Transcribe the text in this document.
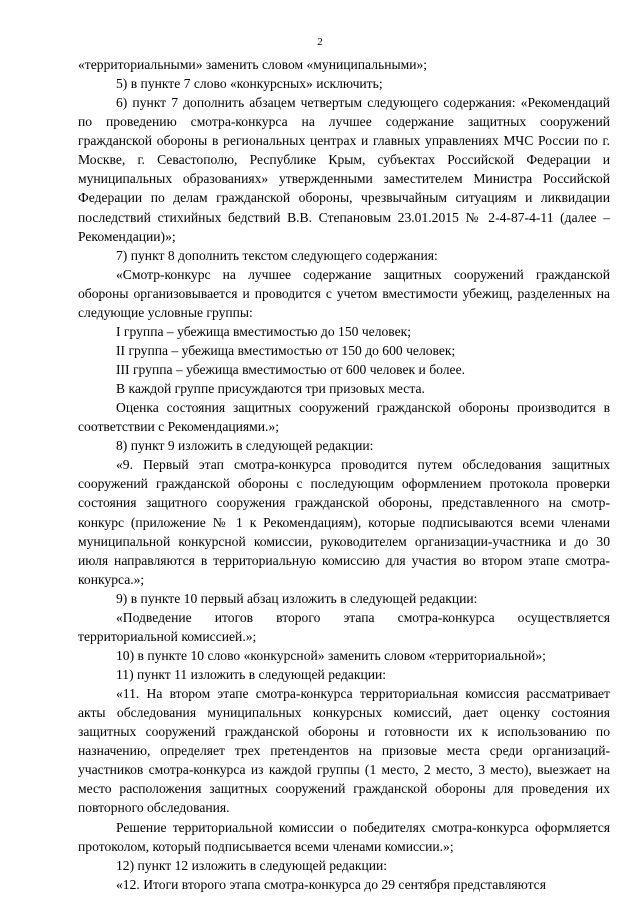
2

«территориальными» заменить словом «муниципальными»;

5) в пункте 7 слово «конкурсных» исключить;

6) пункт 7 дополнить абзацем четвертым следующего содержания: «Рекомендаций по проведению смотра-конкурса на лучшее содержание защитных сооружений гражданской обороны в региональных центрах и главных управлениях МЧС России по г. Москве, г. Севастополю, Республике Крым, субъектах Российской Федерации и муниципальных образованиях» утвержденными заместителем Министра Российской Федерации по делам гражданской обороны, чрезвычайным ситуациям и ликвидации последствий стихийных бедствий В.В. Степановым 23.01.2015 № 2-4-87-4-11 (далее – Рекомендации)»;

7) пункт 8 дополнить текстом следующего содержания:

«Смотр-конкурс на лучшее содержание защитных сооружений гражданской обороны организовывается и проводится с учетом вместимости убежищ, разделенных на следующие условные группы:

I группа – убежища вместимостью до 150 человек;

II группа – убежища вместимостью от 150 до 600 человек;

III группа – убежища вместимостью от 600 человек и более.

В каждой группе присуждаются три призовых места.

Оценка состояния защитных сооружений гражданской обороны производится в соответствии с Рекомендациями.»;

8) пункт 9 изложить в следующей редакции:

«9. Первый этап смотра-конкурса проводится путем обследования защитных сооружений гражданской обороны с последующим оформлением протокола проверки состояния защитного сооружения гражданской обороны, представленного на смотр-конкурс (приложение № 1 к Рекомендациям), которые подписываются всеми членами муниципальной конкурсной комиссии, руководителем организации-участника и до 30 июля направляются в территориальную комиссию для участия во втором этапе смотра-конкурса.»;

9) в пункте 10 первый абзац изложить в следующей редакции:

«Подведение итогов второго этапа смотра-конкурса осуществляется территориальной комиссией.»;

10) в пункте 10 слово «конкурсной» заменить словом «территориальной»;

11) пункт 11 изложить в следующей редакции:

«11. На втором этапе смотра-конкурса территориальная комиссия рассматривает акты обследования муниципальных конкурсных комиссий, дает оценку состояния защитных сооружений гражданской обороны и готовности их к использованию по назначению, определяет трех претендентов на призовые места среди организаций-участников смотра-конкурса из каждой группы (1 место, 2 место, 3 место), выезжает на место расположения защитных сооружений гражданской обороны для проведения их повторного обследования.

Решение территориальной комиссии о победителях смотра-конкурса оформляется протоколом, который подписывается всеми членами комиссии.»;

12) пункт 12 изложить в следующей редакции:

«12. Итоги второго этапа смотра-конкурса до 29 сентября представляются
